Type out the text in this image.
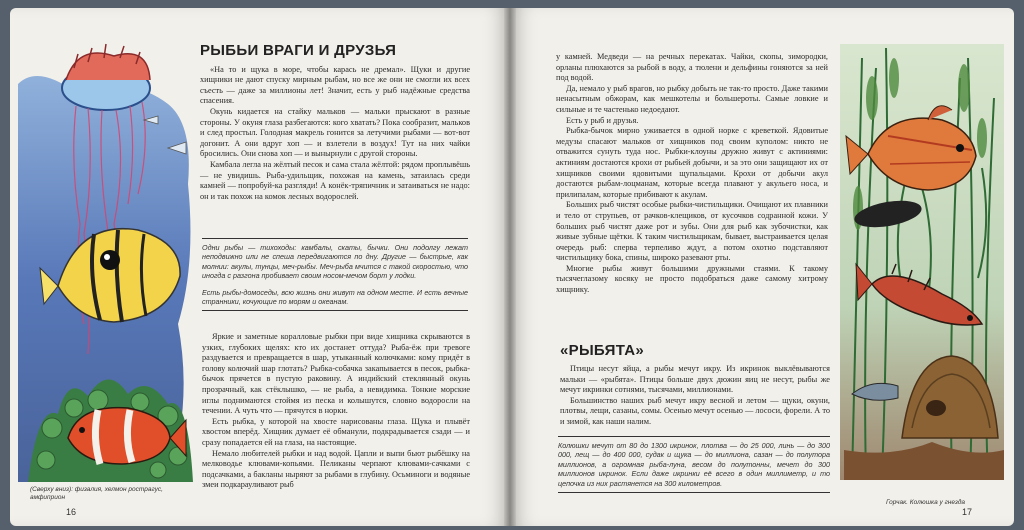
(Сверху вниз): физалия, хелмон рострагус, амфиприон
РЫБЬИ ВРАГИ И ДРУЗЬЯ

«На то и щука в море, чтобы карась не дремал». Щуки и другие хищники не дают спуску мирным рыбам, но все же они не смогли их всех съесть — даже за миллионы лет! Значит, есть у рыб надёжные средства спасения.

Окунь кидается на стайку мальков — мальки прыскают в разные стороны. У окуня глаза разбегаются: кого хватать? Пока сообразит, мальков и след простыл. Голодная макрель гонится за летучими рыбами — вот-вот догонит. А они вдруг хоп — и взлетели в воздух! Тут на них чайки бросились. Они снова хоп — и вынырнули с другой стороны.

Камбала легла на жёлтый песок и сама стала жёлтой: рядом проплывёшь — не увидишь. Рыба-удильщик, похожая на камень, затаилась среди камней — попробуй-ка разгляди! А конёк-тряпичник и затаиваться не надо: он и так похож на комок лесных водорослей.

Одни рыбы — тихоходы: камбалы, скаты, бычки. Они подолгу лежат неподвижно или не спеша передвигаются по дну. Другие — быстрые, как молнии: акулы, тунцы, меч-рыбы. Меч-рыба мчится с такой скоростью, что иногда с разгона пробивает своим носом-мечом борт у лодки.

Есть рыбы-домоседы, всю жизнь они живут на одном месте. И есть вечные странники, кочующие по морям и океанам.

Яркие и заметные коралловые рыбки при виде хищника скрываются в узких, глубоких щелях: кто их достанет оттуда? Рыба-ёж при тревоге раздувается и превращается в шар, утыканный колючками: кому придёт в голову колючий шар глотать? Рыбка-собачка закапывается в песок, рыбка-бычок прячется в пустую раковину. А индийский стеклянный окунь прозрачный, как стёклышко, — не рыба, а невидимка. Тонкие морские иглы поднимаются стоймя из песка и колышутся, словно водоросли на течении. А чуть что — прячутся в норки.

Есть рыбка, у которой на хвосте нарисованы глаза. Щука и плывёт хвостом вперёд. Хищник думает её обманули, подкрадывается сзади — и сразу попадается ей на глаза, на настоящие.

Немало любителей рыбки и над водой. Цапли и выпи бьют рыбёшку на мелководье клювами-копьями. Пеликаны черпают клювами-сачками с подсачками, а бакланы ныряют за рыбами в глубину. Осьминоги и водяные змеи подкарауливают рыб

16

у камней. Медведи — на речных перекатах. Чайки, скопы, зимородки, орланы плюхаются за рыбой в воду, а тюлени и дельфины гоняются за ней под водой.

Да, немало у рыб врагов, но рыбку добыть не так-то просто. Даже такими ненасытным обжорам, как мешкотелы и большероты. Самые ловкие и сильные и те частенько недоедают.

Есть у рыб и друзья.

Рыбка-бычок мирно уживается в одной норке с креветкой. Ядовитые медузы спасают мальков от хищников под своим куполом: никто не отважится сунуть туда нос. Рыбки-клоуны дружно живут с актиниями: актиниям достаются крохи от рыбьей добычи, и за это они защищают их от хищников своими ядовитыми щупальцами. Крохи от добычи акул достаются рыбам-лоцманам, которые всегда плавают у акульего носа, и прилипалам, которые прибивают к акулам.

Больших рыб чистят особые рыбки-чистильщики. Очищают их плавники и тело от струпьев, от рачков-клещиков, от кусочков содранной кожи. У больших рыб чистят даже рот и зубы. Они для рыб как зубочистки, как живые зубные щётки. К таким чистильщикам, бывает, выстраивается целая очередь рыб: сперва терпеливо ждут, а потом охотно подставляют чистильщику бока, спины, широко разевают рты.

Многие рыбы живут большими дружными стаями. К такому тысячеглазому косяку не просто подобраться даже самому хитрому хищнику.

«РЫБЯТА»

Птицы несут яйца, а рыбы мечут икру. Из икринок выклёвываются мальки — «рыбята». Птицы больше двух дюжин яиц не несут, рыбы же мечут икринки сотнями, тысячами, миллионами.

Большинство наших рыб мечут икру весной и летом — щуки, окуни, плотвы, лещи, сазаны, сомы. Осенью мечут осенью — лососи, форели. А то и зимой, как наши налим.

Колюшки мечут от 80 до 1300 икринок, плотва — до 25 000, линь — до 300 000, лещ — до 400 000, судак и щука — до миллиона, сазан — до полутора миллионов, а огромная рыба-луна, весом до полутонны, мечет до 300 миллионов икринок. Если даже икринки её всего в один миллиметр, и то цепочка из них растянется на 300 километров.

Горчак. Колюшка у гнезда
17
